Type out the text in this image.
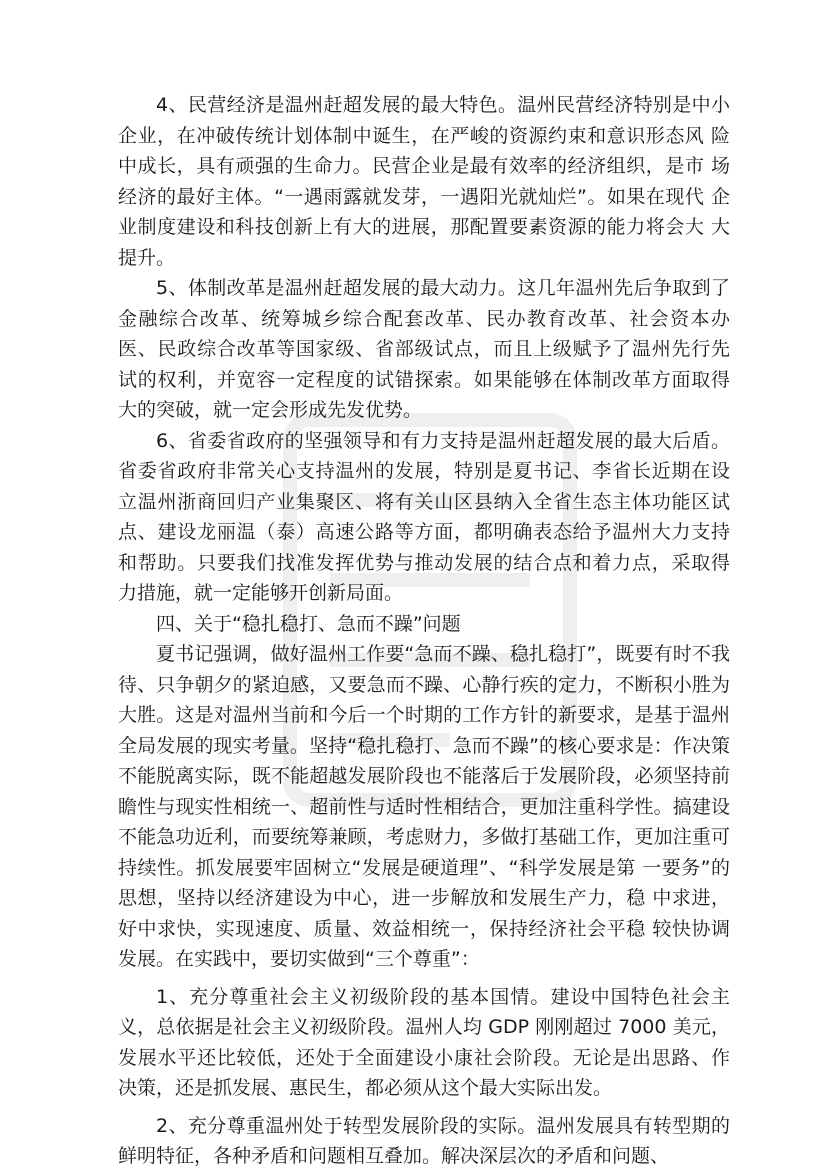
4、民营经济是温州赶超发展的最大特色。温州民营经济特别是中小企业，在冲破传统计划体制中诞生，在严峻的资源约束和意识形态风 险中成长，具有顽强的生命力。民营企业是最有效率的经济组织，是市 场经济的最好主体。“一遇雨露就发芽，一遇阳光就灿烂”。如果在现代 企业制度建设和科技创新上有大的进展，那配置要素资源的能力将会大 大提升。

5、体制改革是温州赶超发展的最大动力。这几年温州先后争取到了金融综合改革、统筹城乡综合配套改革、民办教育改革、社会资本办 医、民政综合改革等国家级、省部级试点，而且上级赋予了温州先行先 试的权利，并宽容一定程度的试错探索。如果能够在体制改革方面取得 大的突破，就一定会形成先发优势。

6、省委省政府的坚强领导和有力支持是温州赶超发展的最大后盾。省委省政府非常关心支持温州的发展，特别是夏书记、李省长近期在设 立温州浙商回归产业集聚区、将有关山区县纳入全省生态主体功能区试 点、建设龙丽温（泰）高速公路等方面，都明确表态给予温州大力支持 和帮助。只要我们找准发挥优势与推动发展的结合点和着力点，采取得 力措施，就一定能够开创新局面。

四、关于“稳扎稳打、急而不躁”问题

夏书记强调，做好温州工作要“急而不躁、稳扎稳打”，既要有时不我待、只争朝夕的紧迫感，又要急而不躁、心静行疾的定力，不断积小胜为大胜。这是对温州当前和今后一个时期的工作方针的新要求，是基于温州全局发展的现实考量。坚持“稳扎稳打、急而不躁”的核心要求是：作决策不能脱离实际，既不能超越发展阶段也不能落后于发展阶段，必须坚持前瞻性与现实性相统一、超前性与适时性相结合，更加注重科学性。搞建设不能急功近利，而要统筹兼顾，考虑财力，多做打基础工作，更加注重可持续性。抓发展要牢固树立“发展是硬道理”、“科学发展是第 一要务”的思想，坚持以经济建设为中心，进一步解放和发展生产力，稳 中求进，好中求快，实现速度、质量、效益相统一，保持经济社会平稳 较快协调发展。在实践中，要切实做到“三个尊重”：

1、充分尊重社会主义初级阶段的基本国情。建设中国特色社会主义，总依据是社会主义初级阶段。温州人均 GDP 刚刚超过 7000 美元，发展水平还比较低，还处于全面建设小康社会阶段。无论是出思路、作 决策，还是抓发展、惠民生，都必须从这个最大实际出发。

2、充分尊重温州处于转型发展阶段的实际。温州发展具有转型期的鲜明特征，各种矛盾和问题相互叠加。解决深层次的矛盾和问题、
